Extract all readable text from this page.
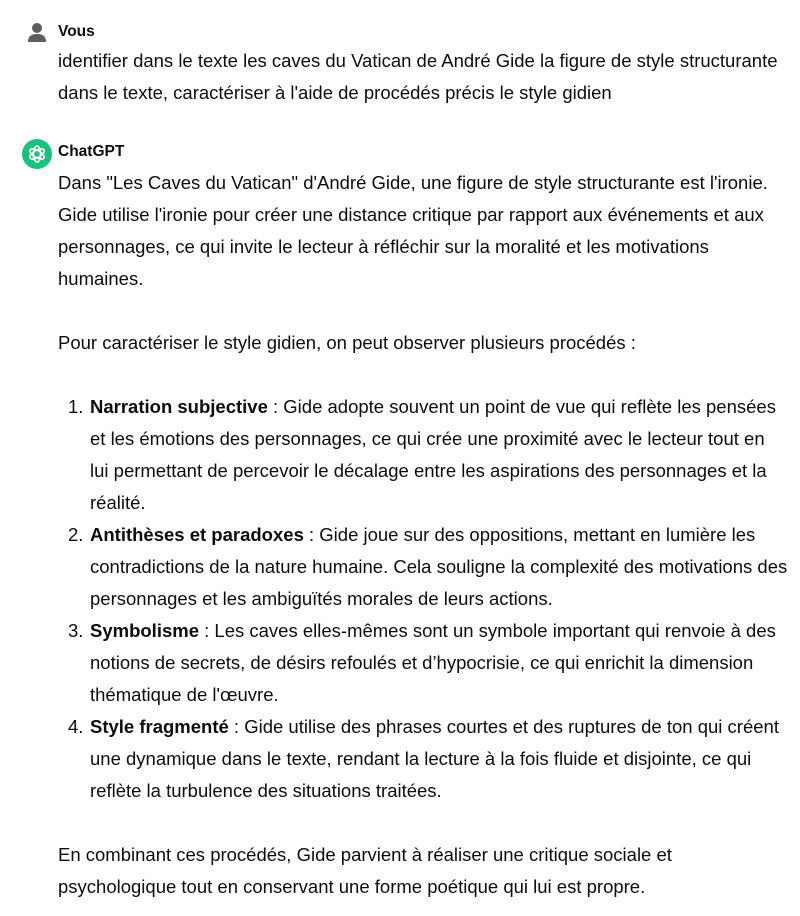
Vous
identifier dans le texte les caves du Vatican de André Gide la figure de style structurante dans le texte, caractériser à l'aide de procédés précis le style gidien
ChatGPT

Dans "Les Caves du Vatican" d'André Gide, une figure de style structurante est l'ironie. Gide utilise l'ironie pour créer une distance critique par rapport aux événements et aux personnages, ce qui invite le lecteur à réfléchir sur la moralité et les motivations humaines.

Pour caractériser le style gidien, on peut observer plusieurs procédés :

1. Narration subjective : Gide adopte souvent un point de vue qui reflète les pensées et les émotions des personnages, ce qui crée une proximité avec le lecteur tout en lui permettant de percevoir le décalage entre les aspirations des personnages et la réalité.
2. Antithèses et paradoxes : Gide joue sur des oppositions, mettant en lumière les contradictions de la nature humaine. Cela souligne la complexité des motivations des personnages et les ambiguïtés morales de leurs actions.
3. Symbolisme : Les caves elles-mêmes sont un symbole important qui renvoie à des notions de secrets, de désirs refoulés et d’hypocrisie, ce qui enrichit la dimension thématique de l'œuvre.
4. Style fragmenté : Gide utilise des phrases courtes et des ruptures de ton qui créent une dynamique dans le texte, rendant la lecture à la fois fluide et disjointe, ce qui reflète la turbulence des situations traitées.

En combinant ces procédés, Gide parvient à réaliser une critique sociale et psychologique tout en conservant une forme poétique qui lui est propre.
